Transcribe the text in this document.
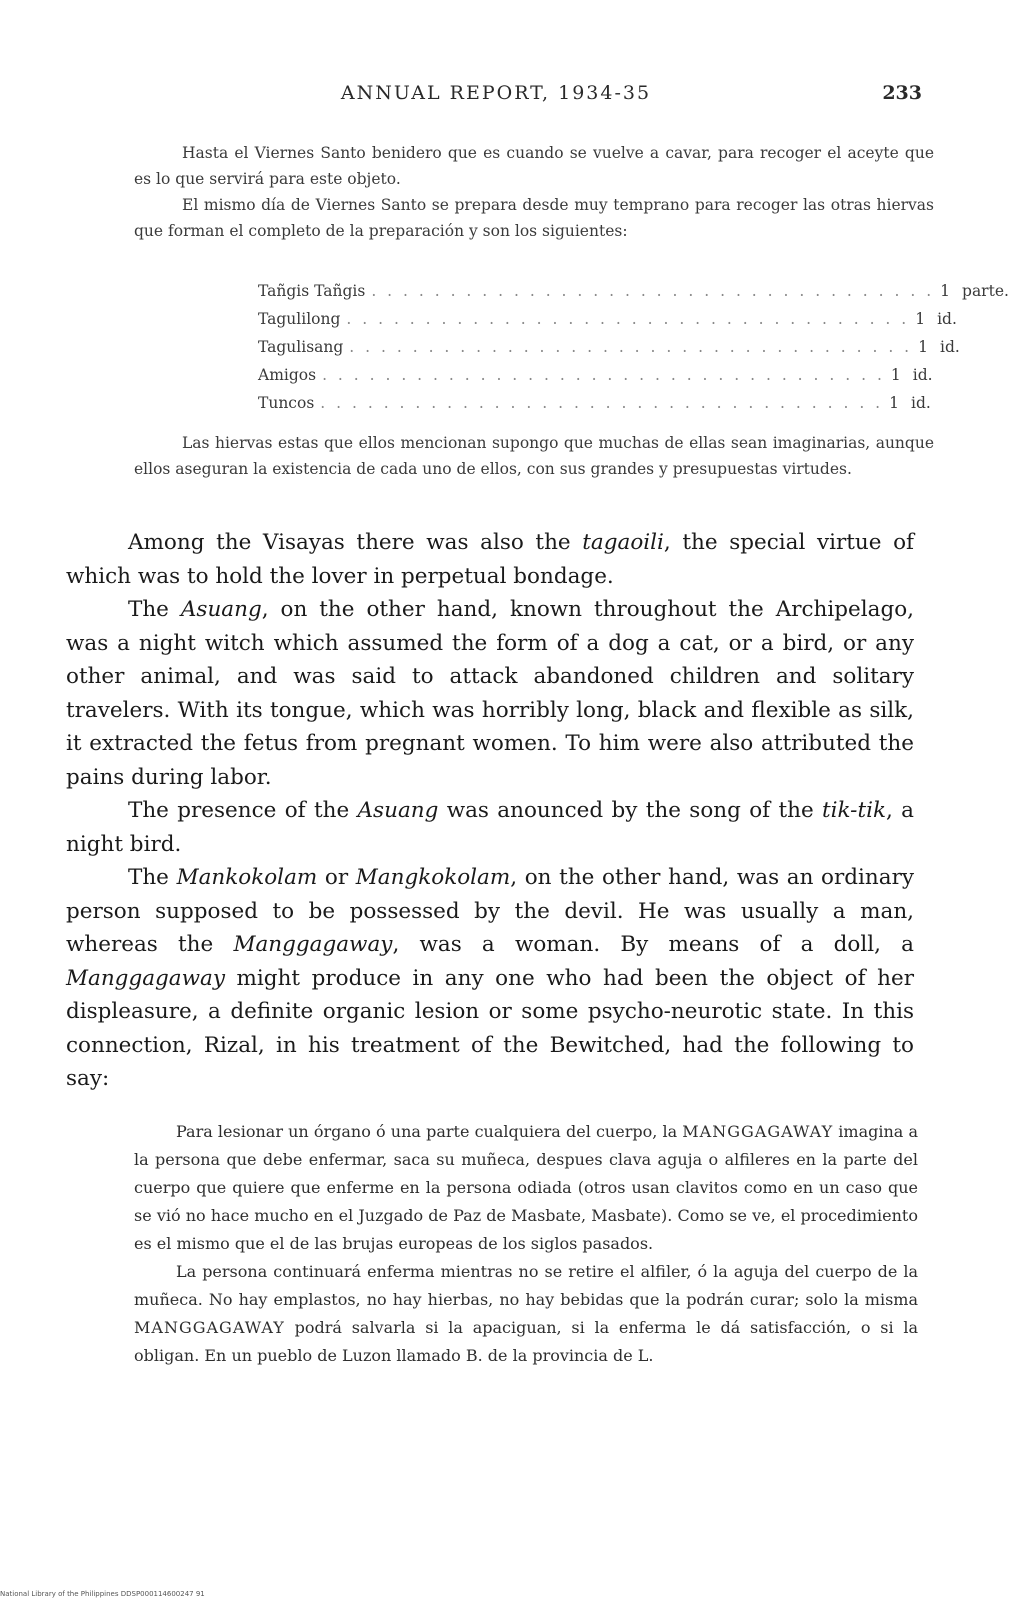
ANNUAL REPORT, 1934-35	233

Hasta el Viernes Santo benidero que es cuando se vuelve a cavar, para recoger el aceyte que es lo que servirá para este objeto.

El mismo día de Viernes Santo se prepara desde muy temprano para recoger las otras hiervas que forman el completo de la preparación y son los siguientes:

Tañgis Tañgis . . . . . . . . . . . . . . . . . . . . . . . . . . . . . . . . . . . . 1 parte.
Tagulilong . . . . . . . . . . . . . . . . . . . . . . . . . . . . . . . . . . . . 1 id.
Tagulisang . . . . . . . . . . . . . . . . . . . . . . . . . . . . . . . . . . . . 1 id.
Amigos . . . . . . . . . . . . . . . . . . . . . . . . . . . . . . . . . . . . 1 id.
Tuncos . . . . . . . . . . . . . . . . . . . . . . . . . . . . . . . . . . . . 1 id.

Las hiervas estas que ellos mencionan supongo que muchas de ellas sean imaginarias, aunque ellos aseguran la existencia de cada uno de ellos, con sus grandes y presupuestas virtudes.

Among the Visayas there was also the tagaoili, the special virtue of which was to hold the lover in perpetual bondage.

The Asuang, on the other hand, known throughout the Archipelago, was a night witch which assumed the form of a dog a cat, or a bird, or any other animal, and was said to attack abandoned children and solitary travelers. With its tongue, which was horribly long, black and flexible as silk, it extracted the fetus from pregnant women. To him were also attributed the pains during labor.

The presence of the Asuang was anounced by the song of the tik-tik, a night bird.

The Mankokolam or Mangkokolam, on the other hand, was an ordinary person supposed to be possessed by the devil. He was usually a man, whereas the Manggagaway, was a woman. By means of a doll, a Manggagaway might produce in any one who had been the object of her displeasure, a definite organic lesion or some psycho-neurotic state. In this connection, Rizal, in his treatment of the Bewitched, had the following to say:

Para lesionar un órgano ó una parte cualquiera del cuerpo, la MANGGAGAWAY imagina a la persona que debe enfermar, saca su muñeca, despues clava aguja o alfileres en la parte del cuerpo que quiere que enferme en la persona odiada (otros usan clavitos como en un caso que se vió no hace mucho en el Juzgado de Paz de Masbate, Masbate). Como se ve, el procedimiento es el mismo que el de las brujas europeas de los siglos pasados.

La persona continuará enferma mientras no se retire el alfiler, ó la aguja del cuerpo de la muñeca. No hay emplastos, no hay hierbas, no hay bebidas que la podrán curar; solo la misma MANGGAGAWAY podrá salvarla si la apaciguan, si la enferma le dá satisfacción, o si la obligan. En un pueblo de Luzon llamado B. de la provincia de L.

National Library of the Philippines DDSP000114600247 91
